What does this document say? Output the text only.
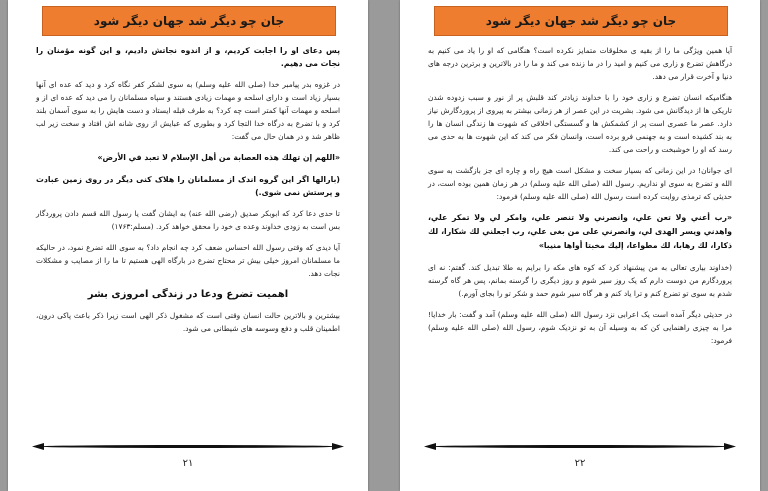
جان چو دیگر شد جهان دیگر شود

پس دعای او را اجابت کردیم، و از اندوه نجاتش دادیم، و این گونه مؤمنان را نجات می دهیم.

در غزوه بدر پیامبر خدا (صلی الله علیه وسلم) به سوی لشکر کفر نگاه کرد و دید که عده ای آنها بسیار زیاد است و دارای اسلحه و مهمات زیادی هستند و سپاه مسلمانان را می دید که عده ای از و اسلحه و مهمات آنها کمتر است چه کرد؟ به طرف قبله ایستاد و دست هایش را به سوی آسمان بلند کرد و با تضرع به درگاه خدا التجا کرد و بطوری که عبایش از روی شانه اش افتاد و سخت زیر لب ظاهر شد و در همان حال می گفت:

«اللهم إن تهلك هذه العصابة من أهل الإسلام لا تعبد في الأرض»

(بارالها اگر این گروه اندک از مسلمانان را هلاک کنی دیگر در روی زمین عبادت و پرستش نمی شوی.)

تا حدی دعا کرد که ابوبکر صدیق (رضی الله عنه) به ایشان گفت یا رسول الله قسم دادن پروردگار بس است به زودی خداوند وعده ی خود را محقق خواهد کرد. (مسلم:۱۷۶۳)

آیا دیدی که وقتی رسول الله احساس ضعف کرد چه انجام داد؟ به سوی الله تضرع نمود، در حالیکه ما مسلمانان امروز خیلی بیش تر محتاج تضرع در بارگاه الهی هستیم تا ما را از مصایب و مشکلات نجات دهد.

اهمیت تضرع ودعا در زندگی امروزی بشر

بیشترین و بالاترین حالت انسان وقتی است که مشغول ذکر الهی است زیرا ذکر باعث پاکی درون، اطمینان قلب و دفع وسوسه های شیطانی می شود.

۲۱
جان چو دیگر شد جهان دیگر شود

آیا همین ویژگی ما را از بقیه ی مخلوقات متمایز نکرده است؟ هنگامی که او را یاد می کنیم به درگاهش تضرع و زاری می کنیم و امید را در ما زنده می کند و ما را در بالاترین و برترین درجه های دنیا و آخرت قرار می دهد.

هنگامیکه انسان تضرع و زاری خود را با خداوند زیادتر کند قلبش پر از نور و سبب زدوده شدن تاریکی ها از دیدگانش می شود. بشریت در این عصر از هر زمانی بیشتر به پیروی از پروردگارش نیاز دارد. عصر ما عصری است پر از کشمکش ها و گسستگی اخلاقی که شهوت ها زندگی انسان ها را به بند کشیده است و به جهنمی فرو برده است، وانسان فکر می کند که این شهوت ها به حدی می رسد که او را خوشبخت و راحت می کند.

ای جوانان! در این زمانی که بسیار سخت و مشکل است هیچ راه و چاره ای جز بازگشت به سوی الله و تضرع به سوی او نداریم. رسول الله (صلی الله علیه وسلم) در هر زمان همین بوده است، در حدیثی که ترمذی روایت کرده است رسول الله (صلی الله علیه وسلم) فرمود:

«رب أعني ولا تعن علي، وانصرني ولا تنصر علي، وامكر لي ولا تمكر علي، واهدني ويسر الهدى لي، وانصرني على من بغى علي، رب اجعلني لك شكارا، لك ذكارا، لك رهابا، لك مطواعا، إليك مخبتا أواها منيبا»

(خداوند بیاری تعالی به من پیشنهاد کرد که کوه های مکه را برایم به طلا تبدیل کند. گفتم: نه ای پروردگارم من دوست دارم که یک روز سیر شوم و روز دیگری را گرسنه بمانم، پس هر گاه گرسنه شدم به سوی تو تضرع کنم و ترا یاد کنم و هر گاه سیر شوم حمد و شکر تو را بجای آورم.)

در حدیثی دیگر آمده است یک اعرابی نزد رسول الله (صلی الله علیه وسلم) آمد و گفت: بار خدایا! مرا به چیزی راهنمایی کن که به وسیله آن به تو نزدیک شوم، رسول الله (صلی الله علیه وسلم) فرمود:

۲۲
